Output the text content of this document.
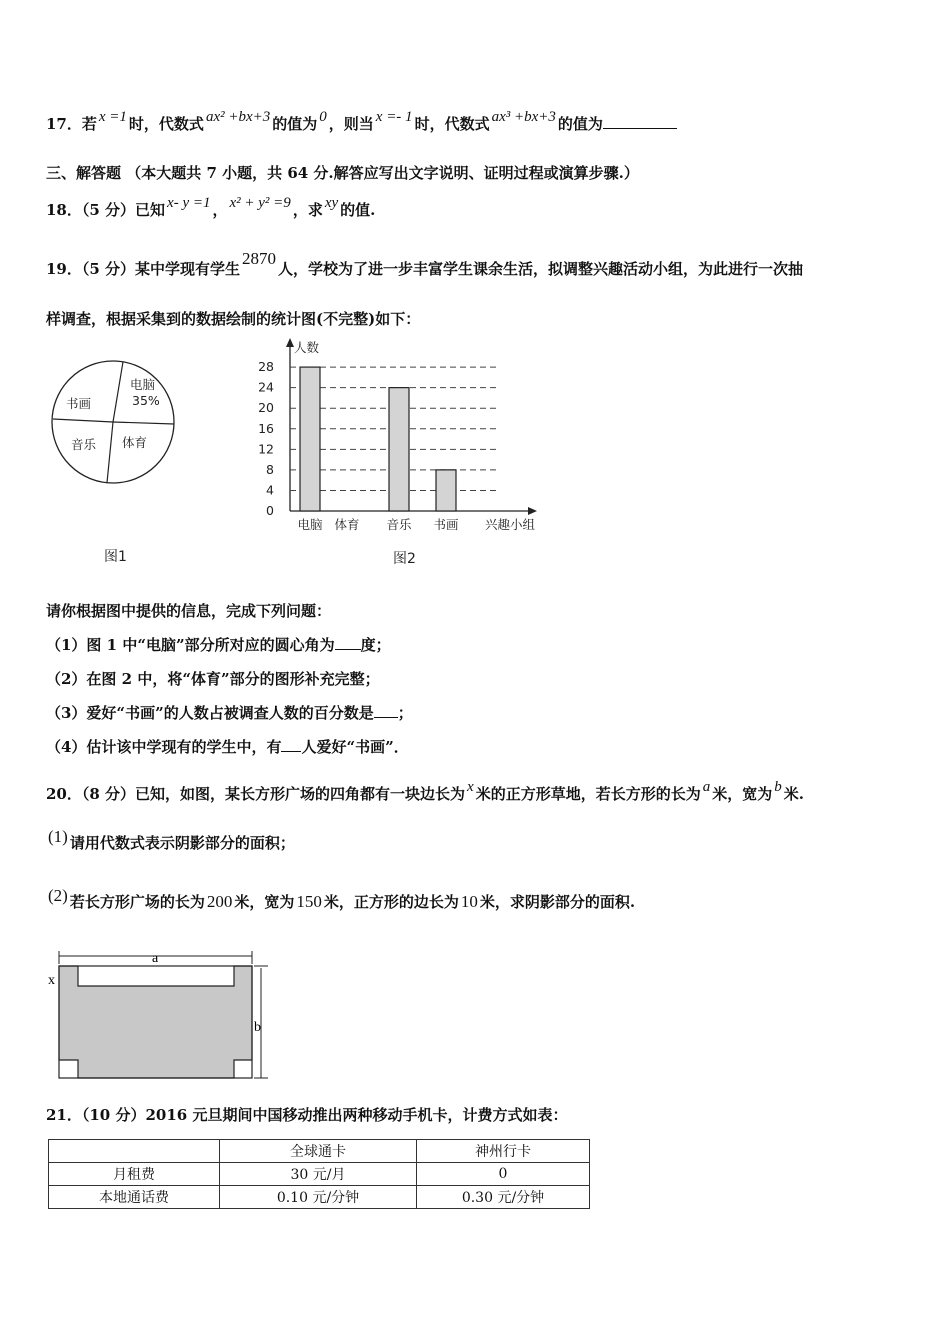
17．若 x =1 时，代数式 ax² +bx+3 的值为 0 ，则当 x =- 1 时，代数式 ax³ +bx+3 的值为
三、解答题 （本大题共 7 小题，共 64 分.解答应写出文字说明、证明过程或演算步骤.）
18．（5 分）已知 x- y =1 ， x² + y² =9 ，求 xy 的值.
19．（5 分）某中学现有学生2870人，学校为了进一步丰富学生课余生活，拟调整兴趣活动小组，为此进行一次抽
样调查，根据采集到的数据绘制的统计图(不完整)如下：
电脑
35%
书画
音乐 体育
图1	图2
人数
0
4
8
12
16
20
24
28
电脑 体育 音乐 书画 兴趣小组
请你根据图中提供的信息，完成下列问题：
（1）图 1 中“电脑”部分所对应的圆心角为 度；
（2）在图 2 中，将“体育”部分的图形补充完整；
（3）爱好“书画”的人数占被调查人数的百分数是 ；
（4）估计该中学现有的学生中，有 人爱好“书画”．
20．（8 分）已知，如图，某长方形广场的四角都有一块边长为 x 米的正方形草地，若长方形的长为 a 米，宽为 b 米.
(1) 请用代数式表示阴影部分的面积；
(2) 若长方形广场的长为 200 米，宽为 150 米，正方形的边长为 10 米，求阴影部分的面积.
a
b
x
21．（10 分）2016 元旦期间中国移动推出两种移动手机卡，计费方式如表：
	全球通卡	神州行卡
月租费	30 元/月	0
本地通话费	0.10 元/分钟	0.30 元/分钟
